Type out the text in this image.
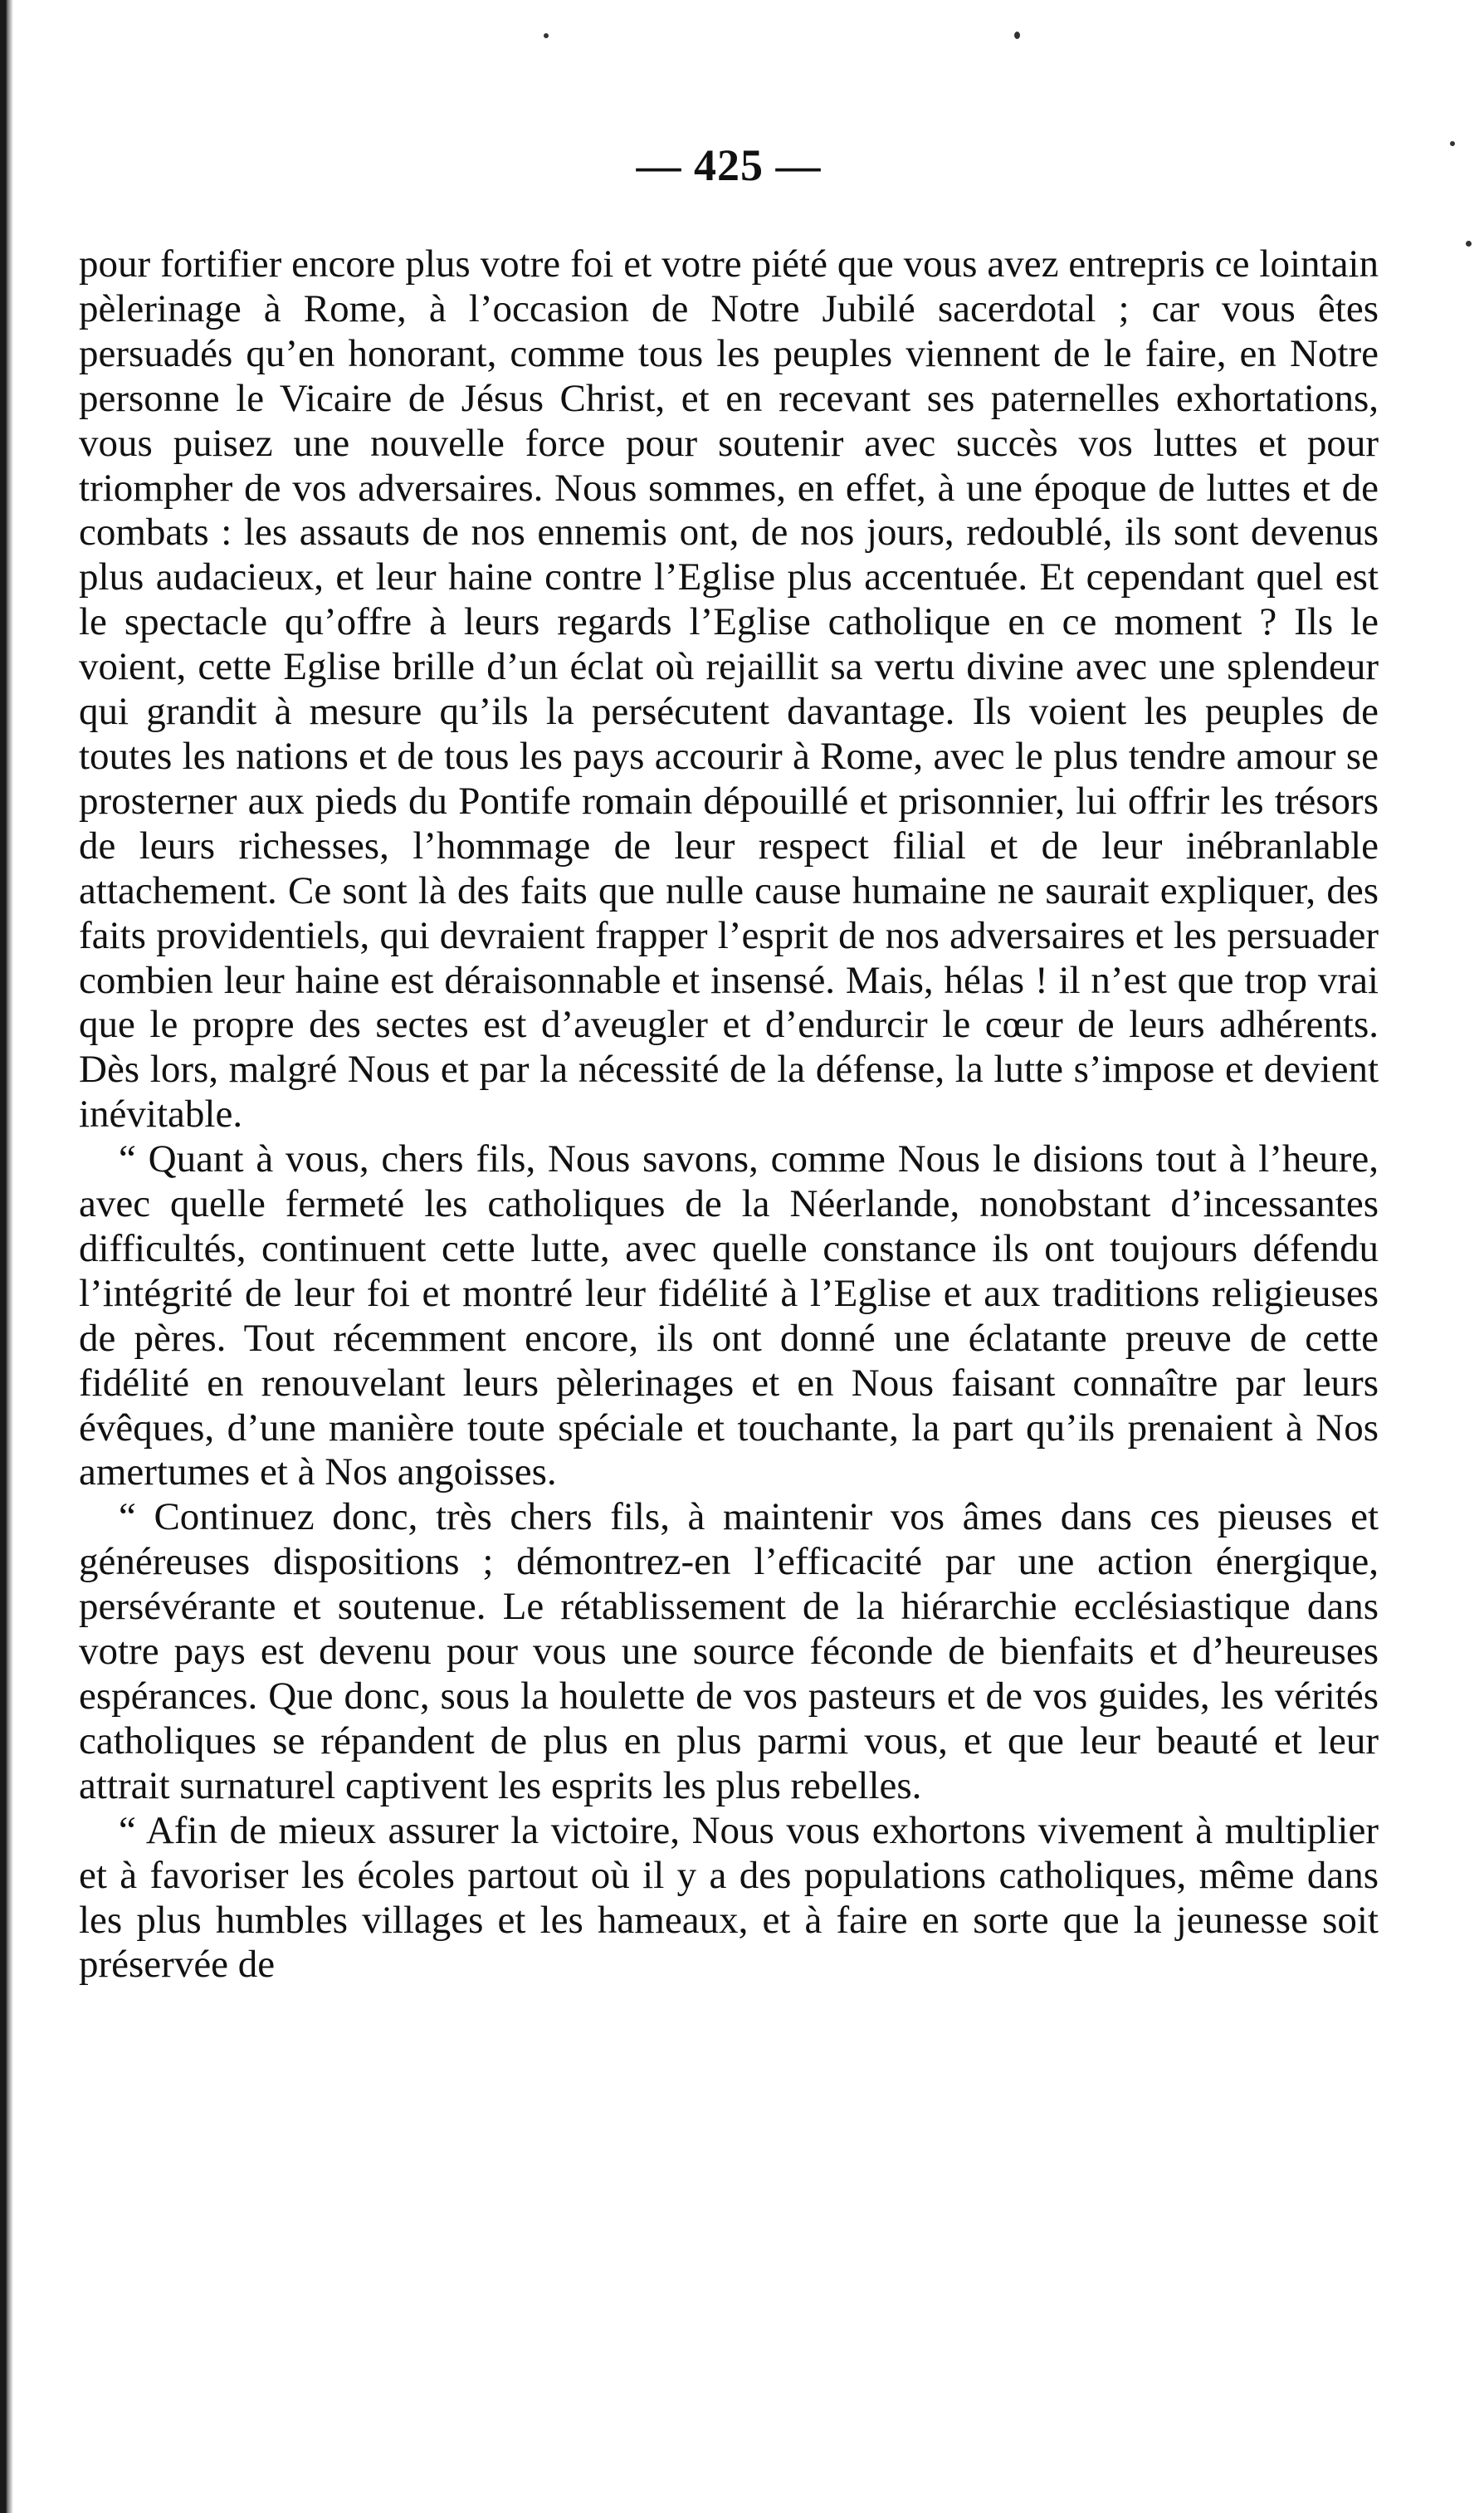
— 425 —

pour fortifier encore plus votre foi et votre piété que vous avez entrepris ce lointain pèlerinage à Rome, à l’occasion de Notre Jubilé sacerdotal ; car vous êtes persuadés qu’en honorant, comme tous les peuples viennent de le faire, en Notre personne le Vicaire de Jésus Christ, et en recevant ses paternelles exhortations, vous puisez une nouvelle force pour soutenir avec succès vos luttes et pour triompher de vos adversaires. Nous sommes, en effet, à une époque de luttes et de combats : les assauts de nos ennemis ont, de nos jours, redoublé, ils sont devenus plus audacieux, et leur haine contre l’Eglise plus accentuée. Et cependant quel est le spectacle qu’offre à leurs regards l’Eglise catholique en ce moment ? Ils le voient, cette Eglise brille d’un éclat où rejaillit sa vertu divine avec une splendeur qui grandit à mesure qu’ils la persécutent davantage. Ils voient les peuples de toutes les nations et de tous les pays accourir à Rome, avec le plus tendre amour se prosterner aux pieds du Pontife romain dépouillé et prisonnier, lui offrir les trésors de leurs richesses, l’hommage de leur respect filial et de leur inébranlable attachement. Ce sont là des faits que nulle cause humaine ne saurait expliquer, des faits providentiels, qui devraient frapper l’esprit de nos adversaires et les persuader combien leur haine est déraisonnable et insensé. Mais, hélas ! il n’est que trop vrai que le propre des sectes est d’aveugler et d’endurcir le cœur de leurs adhérents. Dès lors, malgré Nous et par la nécessité de la défense, la lutte s’impose et devient inévitable.

“ Quant à vous, chers fils, Nous savons, comme Nous le disions tout à l’heure, avec quelle fermeté les catholiques de la Néerlande, nonobstant d’incessantes difficultés, continuent cette lutte, avec quelle constance ils ont toujours défendu l’intégrité de leur foi et montré leur fidélité à l’Eglise et aux traditions religieuses de pères. Tout récemment encore, ils ont donné une éclatante preuve de cette fidélité en renouvelant leurs pèlerinages et en Nous faisant connaître par leurs évêques, d’une manière toute spéciale et touchante, la part qu’ils prenaient à Nos amertumes et à Nos angoisses.

“ Continuez donc, très chers fils, à maintenir vos âmes dans ces pieuses et généreuses dispositions ; démontrez-en l’efficacité par une action énergique, persévérante et soutenue. Le rétablissement de la hiérarchie ecclésiastique dans votre pays est devenu pour vous une source féconde de bienfaits et d’heureuses espérances. Que donc, sous la houlette de vos pasteurs et de vos guides, les vérités catholiques se répandent de plus en plus parmi vous, et que leur beauté et leur attrait surnaturel captivent les esprits les plus rebelles.

“ Afin de mieux assurer la victoire, Nous vous exhortons vivement à multiplier et à favoriser les écoles partout où il y a des populations catholiques, même dans les plus humbles villages et les hameaux, et à faire en sorte que la jeunesse soit préservée de
